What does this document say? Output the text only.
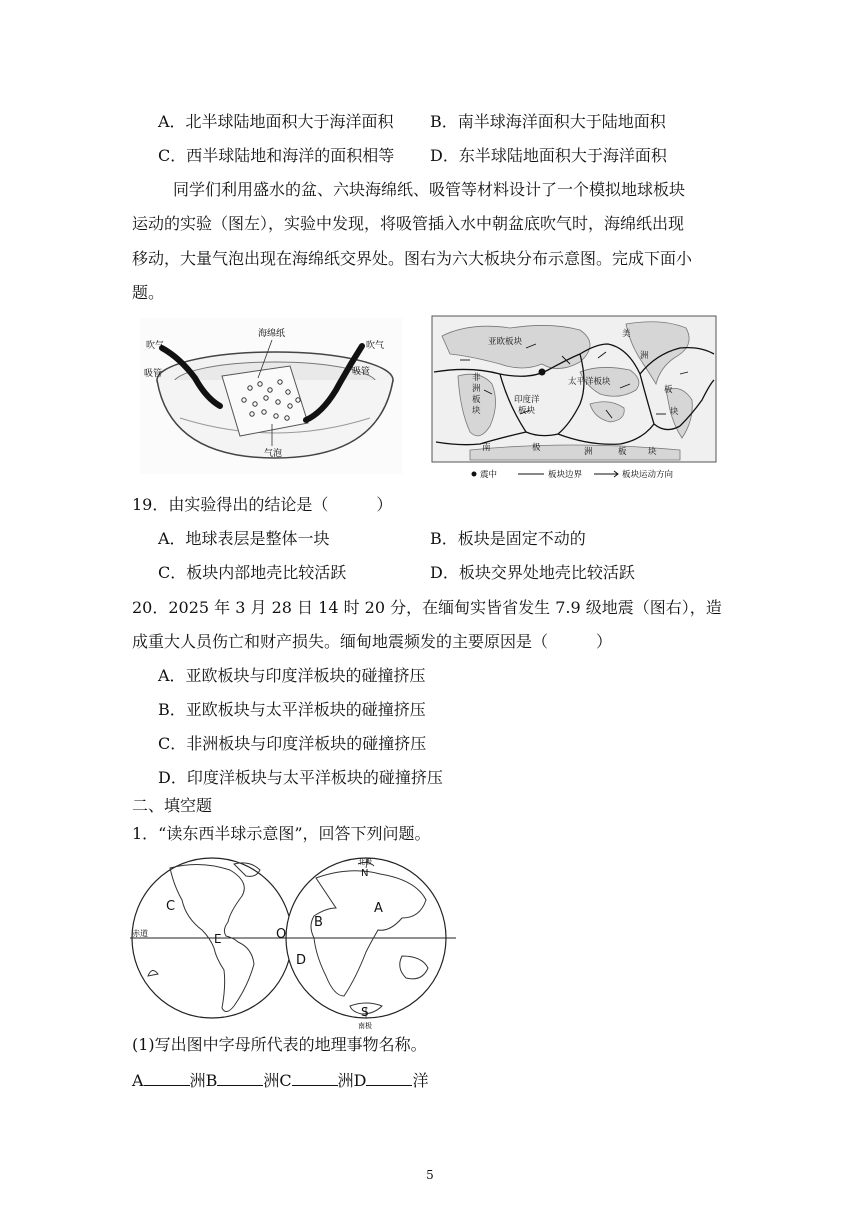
A．北半球陆地面积大于海洋面积 B．南半球海洋面积大于陆地面积
C．西半球陆地和海洋的面积相等 D．东半球陆地面积大于海洋面积
同学们利用盛水的盆、六块海绵纸、吸管等材料设计了一个模拟地球板块
运动的实验（图左），实验中发现，将吸管插入水中朝盆底吹气时，海绵纸出现
移动，大量气泡出现在海绵纸交界处。图右为六大板块分布示意图。完成下面小
题。
吹气
吸管
海绵纸
吹气
吸管
气泡
亚欧板块
非
洲
板
块
印度洋
板块
太平洋板块
美
洲
板
块
南	极	洲	板	块
震中	板块边界	板块运动方向
19．由实验得出的结论是（　　　）
A．地球表层是整体一块	B．板块是固定不动的
C．板块内部地壳比较活跃	D．板块交界处地壳比较活跃
20．2025 年 3 月 28 日 14 时 20 分，在缅甸实皆省发生 7.9 级地震（图右），造
成重大人员伤亡和财产损失。缅甸地震频发的主要原因是（　　　）
A．亚欧板块与印度洋板块的碰撞挤压
B．亚欧板块与太平洋板块的碰撞挤压
C．非洲板块与印度洋板块的碰撞挤压
D．印度洋板块与太平洋板块的碰撞挤压
二、填空题
1．“读东西半球示意图”，回答下列问题。
C
E	O
A
B
D
S
N
赤道
北极
南极
(1)写出图中字母所代表的地理事物名称。
A	洲B	洲C	洲D	洋
5
